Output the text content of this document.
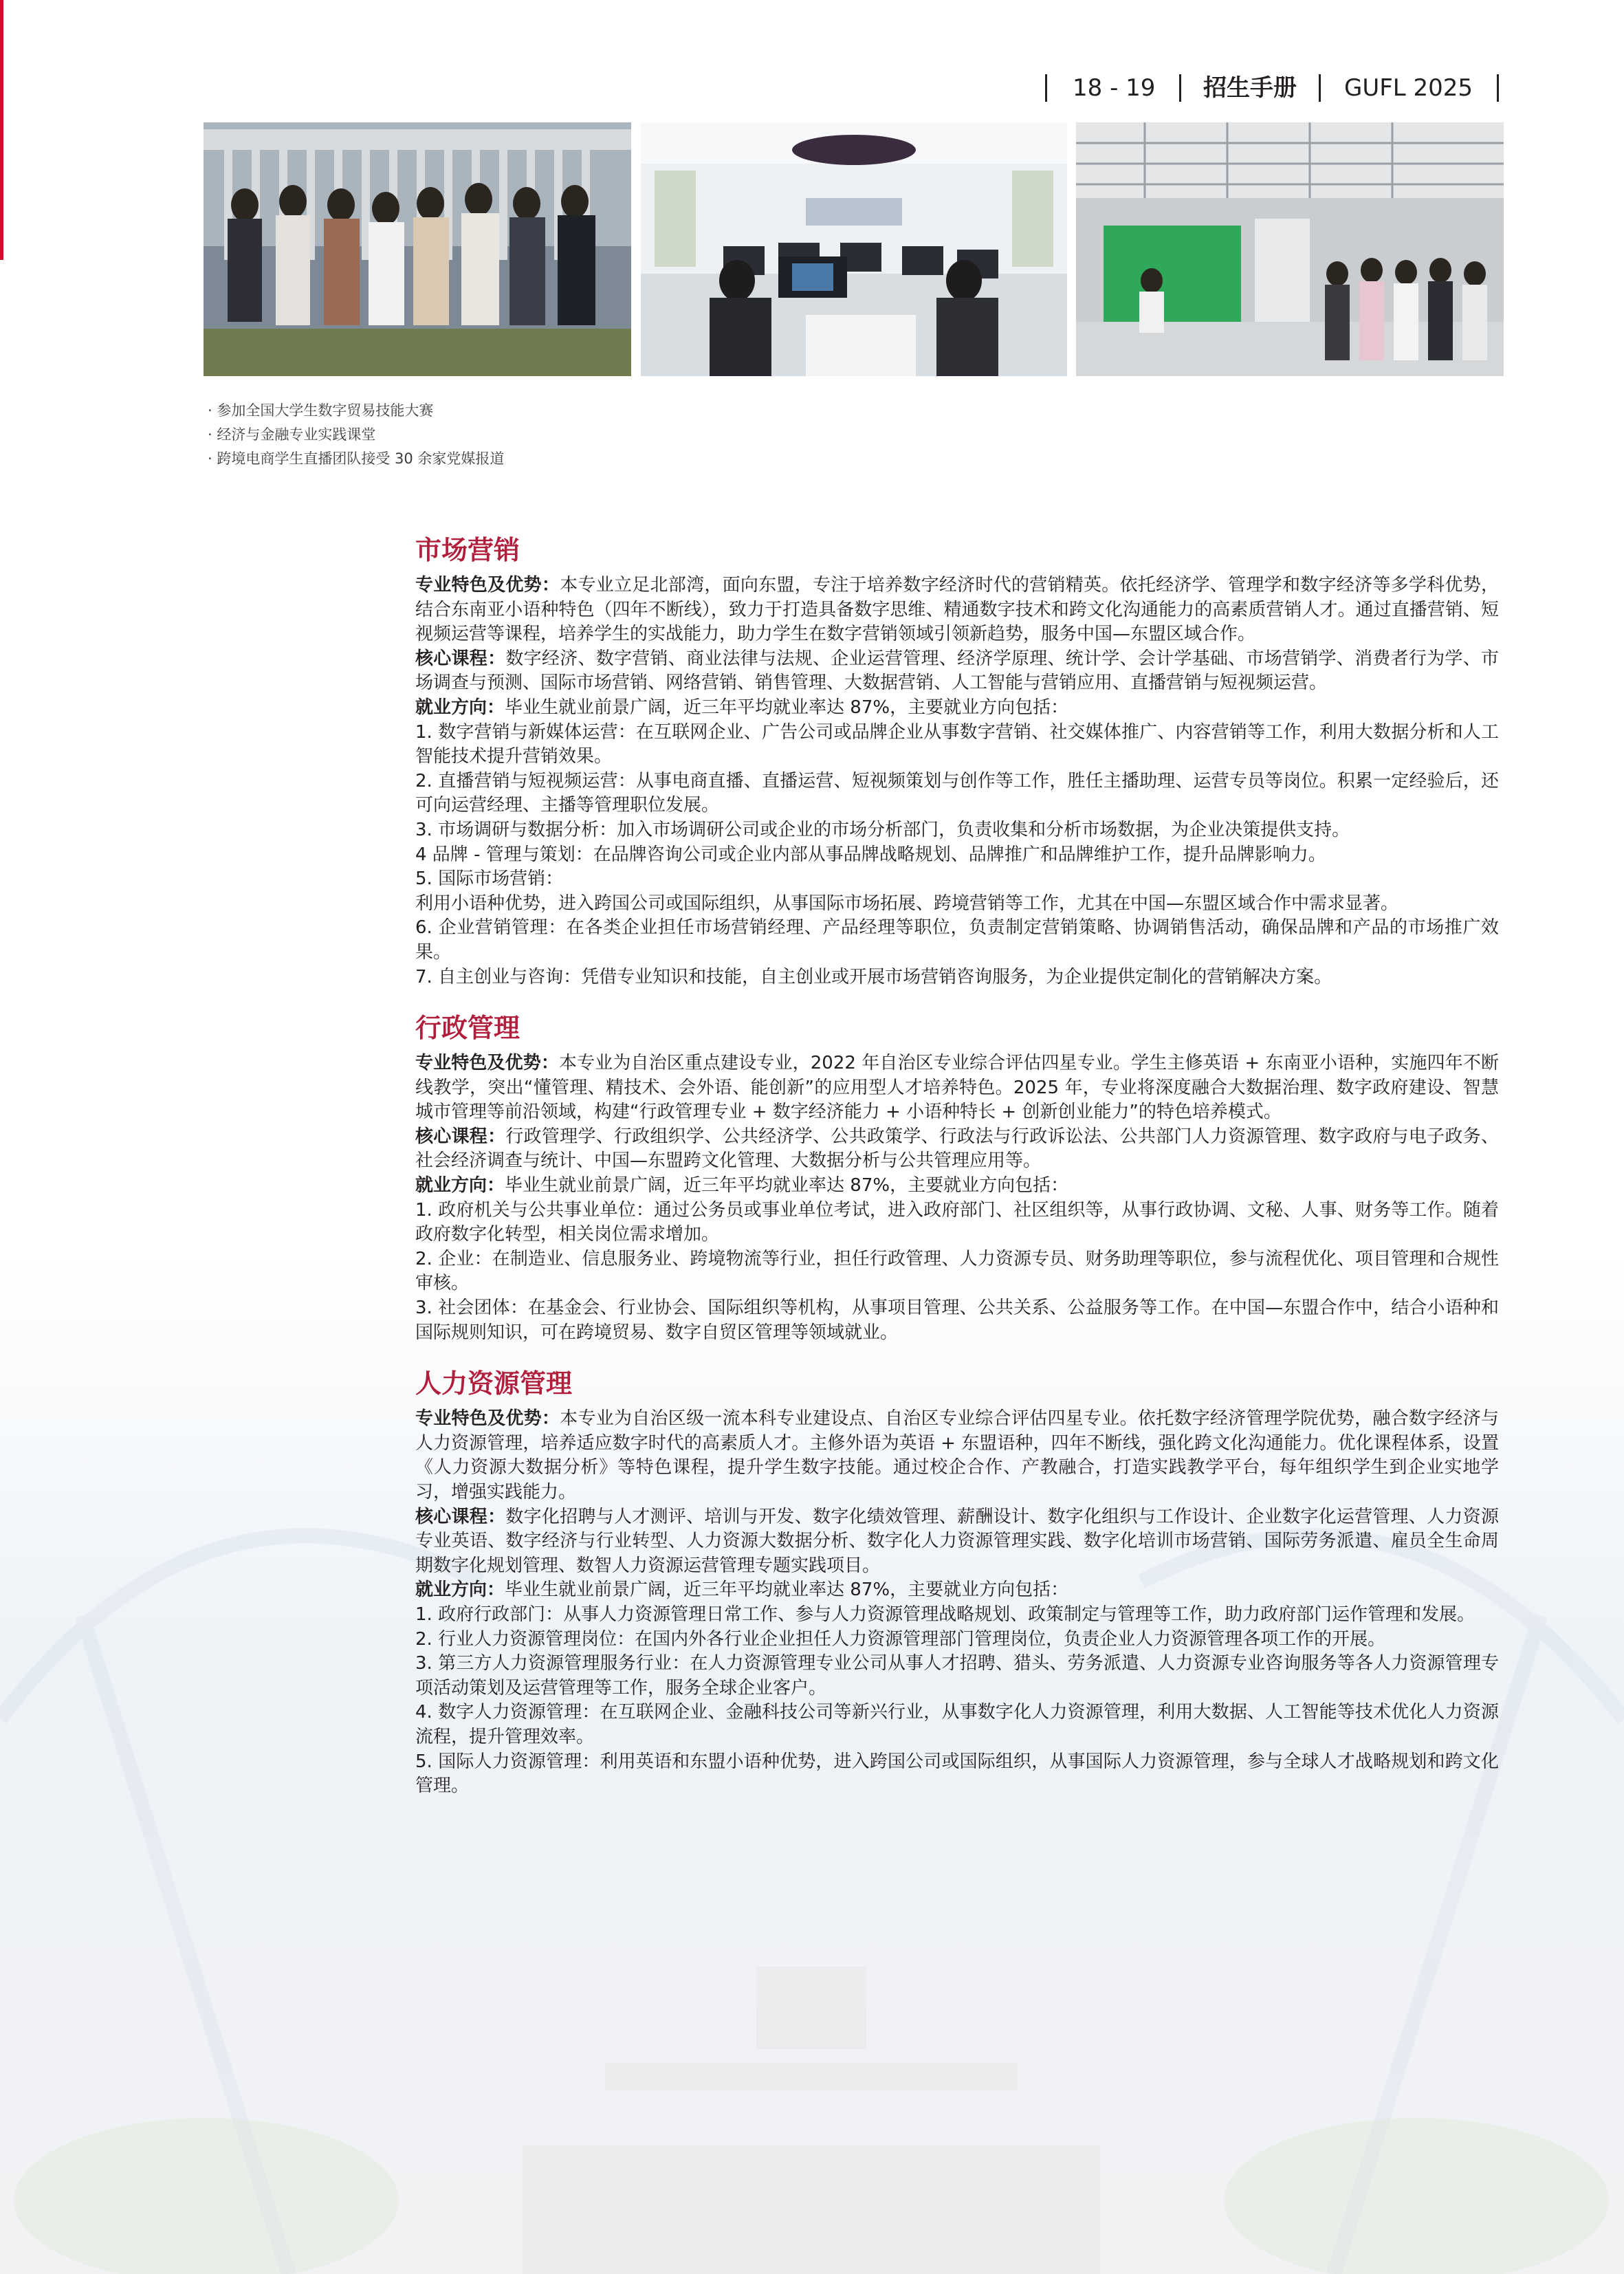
18 - 19 招生手册 GUFL 2025
· 参加全国大学生数字贸易技能大赛
· 经济与金融专业实践课堂
· 跨境电商学生直播团队接受 30 余家党媒报道
市场营销

专业特色及优势：本专业立足北部湾，面向东盟，专注于培养数字经济时代的营销精英。依托经济学、管理学和数字经济等多学科优势，结合东南亚小语种特色（四年不断线），致力于打造具备数字思维、精通数字技术和跨文化沟通能力的高素质营销人才。通过直播营销、短视频运营等课程，培养学生的实战能力，助力学生在数字营销领域引领新趋势，服务中国—东盟区域合作。

核心课程：数字经济、数字营销、商业法律与法规、企业运营管理、经济学原理、统计学、会计学基础、市场营销学、消费者行为学、市场调查与预测、国际市场营销、网络营销、销售管理、大数据营销、人工智能与营销应用、直播营销与短视频运营。

就业方向：毕业生就业前景广阔，近三年平均就业率达 87%，主要就业方向包括：

1. 数字营销与新媒体运营：在互联网企业、广告公司或品牌企业从事数字营销、社交媒体推广、内容营销等工作，利用大数据分析和人工智能技术提升营销效果。

2. 直播营销与短视频运营：从事电商直播、直播运营、短视频策划与创作等工作，胜任主播助理、运营专员等岗位。积累一定经验后，还可向运营经理、主播等管理职位发展。

3. 市场调研与数据分析：加入市场调研公司或企业的市场分析部门，负责收集和分析市场数据，为企业决策提供支持。

4 品牌 - 管理与策划：在品牌咨询公司或企业内部从事品牌战略规划、品牌推广和品牌维护工作，提升品牌影响力。

5. 国际市场营销：

利用小语种优势，进入跨国公司或国际组织，从事国际市场拓展、跨境营销等工作，尤其在中国—东盟区域合作中需求显著。

6. 企业营销管理：在各类企业担任市场营销经理、产品经理等职位，负责制定营销策略、协调销售活动，确保品牌和产品的市场推广效果。

7. 自主创业与咨询：凭借专业知识和技能，自主创业或开展市场营销咨询服务，为企业提供定制化的营销解决方案。

行政管理

专业特色及优势：本专业为自治区重点建设专业，2022 年自治区专业综合评估四星专业。学生主修英语 + 东南亚小语种，实施四年不断线教学，突出“懂管理、精技术、会外语、能创新”的应用型人才培养特色。2025 年，专业将深度融合大数据治理、数字政府建设、智慧城市管理等前沿领域，构建“行政管理专业 + 数字经济能力 + 小语种特长 + 创新创业能力”的特色培养模式。

核心课程：行政管理学、行政组织学、公共经济学、公共政策学、行政法与行政诉讼法、公共部门人力资源管理、数字政府与电子政务、社会经济调查与统计、中国—东盟跨文化管理、大数据分析与公共管理应用等。

就业方向：毕业生就业前景广阔，近三年平均就业率达 87%，主要就业方向包括：

1. 政府机关与公共事业单位：通过公务员或事业单位考试，进入政府部门、社区组织等，从事行政协调、文秘、人事、财务等工作。随着政府数字化转型，相关岗位需求增加。

2. 企业：在制造业、信息服务业、跨境物流等行业，担任行政管理、人力资源专员、财务助理等职位，参与流程优化、项目管理和合规性审核。

3. 社会团体：在基金会、行业协会、国际组织等机构，从事项目管理、公共关系、公益服务等工作。在中国—东盟合作中，结合小语种和国际规则知识，可在跨境贸易、数字自贸区管理等领域就业。

人力资源管理

专业特色及优势：本专业为自治区级一流本科专业建设点、自治区专业综合评估四星专业。依托数字经济管理学院优势，融合数字经济与人力资源管理，培养适应数字时代的高素质人才。主修外语为英语 + 东盟语种，四年不断线，强化跨文化沟通能力。优化课程体系，设置《人力资源大数据分析》等特色课程，提升学生数字技能。通过校企合作、产教融合，打造实践教学平台，每年组织学生到企业实地学习，增强实践能力。

核心课程：数字化招聘与人才测评、培训与开发、数字化绩效管理、薪酬设计、数字化组织与工作设计、企业数字化运营管理、人力资源专业英语、数字经济与行业转型、人力资源大数据分析、数字化人力资源管理实践、数字化培训市场营销、国际劳务派遣、雇员全生命周期数字化规划管理、数智人力资源运营管理专题实践项目。

就业方向：毕业生就业前景广阔，近三年平均就业率达 87%，主要就业方向包括：

1. 政府行政部门：从事人力资源管理日常工作、参与人力资源管理战略规划、政策制定与管理等工作，助力政府部门运作管理和发展。

2. 行业人力资源管理岗位：在国内外各行业企业担任人力资源管理部门管理岗位，负责企业人力资源管理各项工作的开展。

3. 第三方人力资源管理服务行业：在人力资源管理专业公司从事人才招聘、猎头、劳务派遣、人力资源专业咨询服务等各人力资源管理专项活动策划及运营管理等工作，服务全球企业客户。

4. 数字人力资源管理：在互联网企业、金融科技公司等新兴行业，从事数字化人力资源管理，利用大数据、人工智能等技术优化人力资源流程，提升管理效率。

5. 国际人力资源管理：利用英语和东盟小语种优势，进入跨国公司或国际组织，从事国际人力资源管理，参与全球人才战略规划和跨文化管理。
